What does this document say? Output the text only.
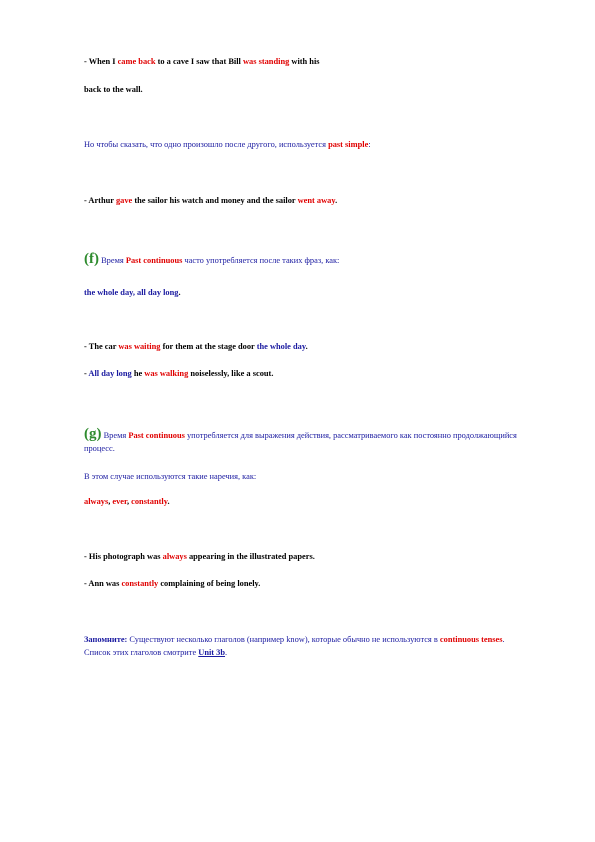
- When I came back to a cave I saw that Bill was standing with his
back to the wall.
Но чтобы сказать, что одно произошло после другого, используется past simple:
- Arthur gave the sailor his watch and money and the sailor went away.
(f) Время Past continuous часто употребляется после таких фраз, как:
the whole day, all day long.
- The car was waiting for them at the stage door the whole day.
- All day long he was walking noiselessly, like a scout.
(g) Время Past continuous употребляется для выражения действия, рассматриваемого как постоянно продолжающийся процесс.
В этом случае используются такие наречия, как:
always, ever, constantly.
- His photograph was always appearing in the illustrated papers.
- Ann was constantly complaining of being lonely.
Запомните: Существуют несколько глаголов (например know), которые обычно не используются в continuous tenses. Список этих глаголов смотрите Unit 3b.
